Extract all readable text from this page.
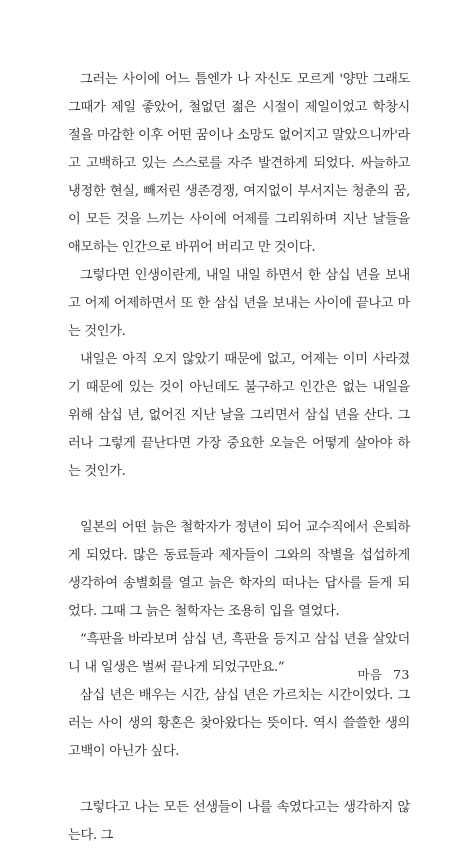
그러는 사이에 어느 틈엔가 나 자신도 모르게 '양만 그래도 그때가 제일 좋았어, 철없던 젊은 시절이 제일이었고 학창시절을 마감한 이후 어떤 꿈이나 소망도 없어지고 말았으니까'라고 고백하고 있는 스스로를 자주 발견하게 되었다. 싸늘하고 냉정한 현실, 빼저린 생존경쟁, 여지없이 부서지는 청춘의 꿈, 이 모든 것을 느끼는 사이에 어제를 그리워하며 지난 날들을 애모하는 인간으로 바뀌어 버리고 만 것이다.

그렇다면 인생이란게, 내일 내일 하면서 한 삼십 년을 보내고 어제 어제하면서 또 한 삼십 년을 보내는 사이에 끝나고 마는 것인가.

내일은 아직 오지 않았기 때문에 없고, 어제는 이미 사라졌기 때문에 있는 것이 아닌데도 불구하고 인간은 없는 내일을 위해 삼십 년, 없어진 지난 날을 그리면서 삼십 년을 산다. 그러나 그렇게 끝난다면 가장 중요한 오늘은 어떻게 살아야 하는 것인가.

일본의 어떤 늙은 철학자가 정년이 되어 교수직에서 은퇴하게 되었다. 많은 동료들과 제자들이 그와의 작별을 섭섭하게 생각하여 송별회를 열고 늙은 학자의 떠나는 답사를 듣게 되었다. 그때 그 늙은 철학자는 조용히 입을 열었다.

“흑판을 바라보며 삼십 년, 흑판을 등지고 삼십 년을 살았더니 내 일생은 벌써 끝나게 되었구만요.”

삼십 년은 배우는 시간, 삼십 년은 가르치는 시간이었다. 그러는 사이 생의 황혼은 찾아왔다는 뜻이다. 역시 쓸쓸한 생의 고백이 아닌가 싶다.

그렇다고 나는 모든 선생들이 나를 속였다고는 생각하지 않는다. 그

마음 73
